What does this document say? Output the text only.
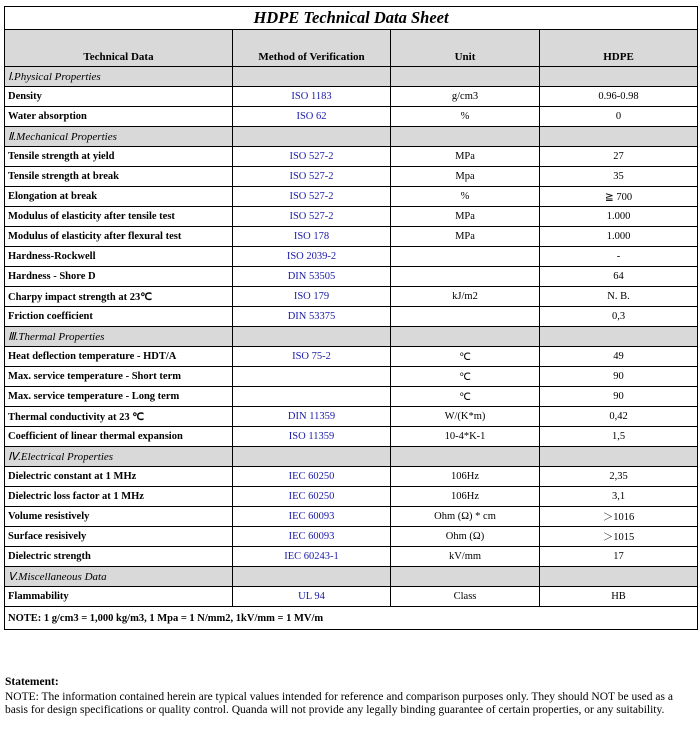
HDPE Technical Data Sheet			
Technical Data	Method of Verification	Unit	HDPE
Ⅰ.Physical Properties			
Density	ISO 1183	g/cm3	0.96-0.98
Water absorption	ISO 62	%	0
Ⅱ.Mechanical Properties			
Tensile strength at yield	ISO 527-2	MPa	27
Tensile strength at break	ISO 527-2	Mpa	35
Elongation at break	ISO 527-2	%	≧ 700
Modulus of elasticity after tensile test	ISO 527-2	MPa	1.000
Modulus of elasticity after flexural test	ISO 178	MPa	1.000
Hardness-Rockwell	ISO 2039-2		-
Hardness - Shore D	DIN 53505		64
Charpy impact strength at 23℃	ISO 179	kJ/m2	N. B.
Friction coefficient	DIN 53375		0,3
Ⅲ.Thermal Properties			
Heat deflection temperature - HDT/A	ISO 75-2	℃	49
Max. service temperature - Short term		℃	90
Max. service temperature - Long term		℃	90
Thermal conductivity at 23 ℃	DIN 11359	W/(K*m)	0,42
Coefficient of linear thermal expansion	ISO 11359	10-4*K-1	1,5
Ⅳ.Electrical Properties			
Dielectric constant at 1 MHz	IEC 60250	106Hz	2,35
Dielectric loss factor at 1 MHz	IEC 60250	106Hz	3,1
Volume resistively	IEC 60093	Ohm (Ω) * cm	＞1016
Surface resisively	IEC 60093	Ohm (Ω)	＞1015
Dielectric strength	IEC 60243-1	kV/mm	17
Ⅴ.Miscellaneous Data			
Flammability	UL 94	Class	HB
NOTE: 1 g/cm3 = 1,000 kg/m3, 1 Mpa = 1 N/mm2, 1kV/mm = 1 MV/m			
Statement:
NOTE: The information contained herein are typical values intended for reference and comparison purposes only. They should NOT be used as a basis for design specifications or quality control. Quanda will not provide any legally binding guarantee of certain properties, or any suitability.
